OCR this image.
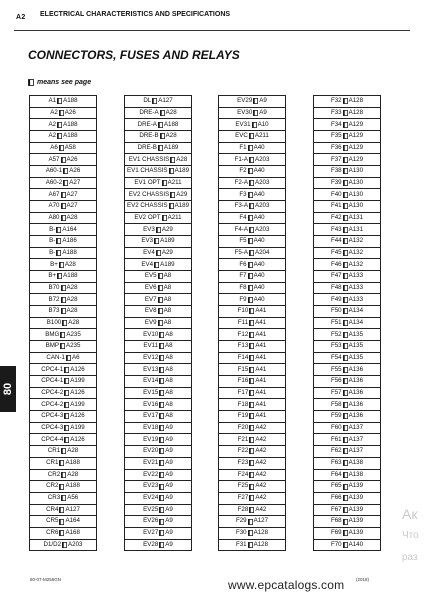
A2 ELECTRICAL CHARACTERISTICS AND SPECIFICATIONS
CONNECTORS, FUSES AND RELAYS
means see page
A1 A188
A2 A26
A2 A188
A2 A188
A6 A58
A57 A26
A60-1 A26
A60-2 A27
A67 A27
A70 A27
A80 A28
B- A164
B- A186
B- A188
B+ A28
B+ A188
B70 A28
B72 A28
B73 A28
B100 A28
BMG A235
BMP A235
CAN-1 A6
CPC4-1 A126
CPC4-1 A199
CPC4-2 A126
CPC4-2 A199
CPC4-3 A126
CPC4-3 A199
CPC4-4 A126
CR1 A28
CR1 A188
CR2 A28
CR2 A188
CR3 A56
CR4 A127
CR5 A164
CR6 A168
D1/D2 A203
DL A127
DRE-A A28
DRE-A A188
DRE-B A28
DRE-B A189
EV1 CHASSIS A28
EV1 CHASSIS A189
EV1 OPT A211
EV2 CHASSIS A29
EV2 CHASSIS A189
EV2 OPT A211
EV3 A29
EV3 A189
EV4 A29
EV4 A189
EV5 A8
EV6 A8
EV7 A8
EV8 A8
EV9 A8
EV10 A8
EV11 A8
EV12 A8
EV13 A8
EV14 A8
EV15 A8
EV16 A8
EV17 A8
EV18 A9
EV19 A9
EV20 A9
EV21 A9
EV22 A9
EV23 A9
EV24 A9
EV25 A9
EV26 A9
EV27 A9
EV28 A9
EV29 A9
EV30 A9
EV31 A10
EVC A211
F1 A40
F1-A A203
F2 A40
F2-A A203
F3 A40
F3-A A203
F4 A40
F4-A A203
F5 A40
F5-A A204
F6 A40
F7 A40
F8 A40
F9 A40
F10 A41
F11 A41
F12 A41
F13 A41
F14 A41
F15 A41
F16 A41
F17 A41
F18 A41
F19 A41
F20 A42
F21 A42
F22 A42
F23 A42
F24 A42
F25 A42
F27 A42
F28 A42
F29 A127
F30 A128
F31 A128
F32 A128
F33 A128
F34 A129
F35 A129
F36 A129
F37 A129
F38 A130
F39 A130
F40 A130
F41 A130
F42 A131
F43 A131
F44 A132
F45 A132
F46 A132
F47 A133
F48 A133
F49 A133
F50 A134
F51 A134
F52 A135
F53 A135
F54 A135
F55 A136
F56 A136
F57 A136
F58 A136
F59 A136
F60 A137
F61 A137
F62 A137
F63 A138
F64 A138
F65 A139
F66 A139
F67 A139
F68 A139
F69 A139
F70 A140
80
80-07-M255GN	www.epcatalogs.com	(2018)
Ак
Что
раз
